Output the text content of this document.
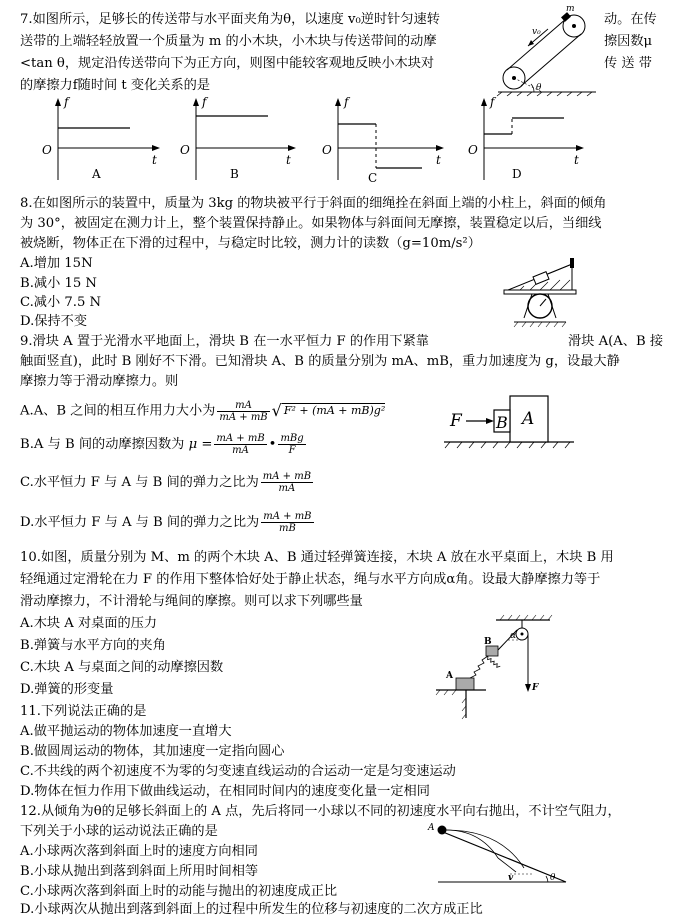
7.如图所示，足够长的传送带与水平面夹角为θ，以速度 v₀逆时针匀速转	动。在传
送带的上端轻轻放置一个质量为 m 的小木块，小木块与传送带间的动摩	擦因数μ
<tan θ，规定沿传送带向下为正方向，则图中能较客观地反映小木块对	传 送 带
的摩擦力f随时间 t 变化关系的是
m
v₀
θ
f
O
t
A
f
O
t
B
f
O
t
C
f
O
t
D
8.在如图所示的装置中，质量为 3kg 的物块被平行于斜面的细绳拴在斜面上端的小柱上，斜面的倾角
为 30°，被固定在测力计上，整个装置保持静止。如果物体与斜面间无摩擦，装置稳定以后，当细线
被烧断，物体正在下滑的过程中，与稳定时比较，测力计的读数（g=10m/s²）
A.增加 15N
B.减小 15 N
C.减小 7.5 N
D.保持不变
9.滑块 A 置于光滑水平地面上，滑块 B 在一水平恒力 F 的作用下紧靠	滑块 A(A、B 接
触面竖直)，此时 B 刚好不下滑。已知滑块 A、B 的质量分别为 mA、mB，重力加速度为 g，设最大静
摩擦力等于滑动摩擦力。则
A.A、B 之间的相互作用力大小为 $\frac{mA}{mA + mB}$ √ F² + (mA + mB)g²
B.A 与 B 间的动摩擦因数为 $\mu = \frac{mA + mB}{mA}$ • $\frac{\text{mBg}}{F}$
C.水平恒力 F 与 A 与 B 间的弹力之比为 $\frac{mA + mB}{mA}$
D.水平恒力 F 与 A 与 B 间的弹力之比为 $\frac{mA + mB}{mB}$
F B A
10.如图，质量分别为 M、m 的两个木块 A、B 通过轻弹簧连接，木块 A 放在水平桌面上，木块 B 用
轻绳通过定滑轮在力 F 的作用下整体恰好处于静止状态，绳与水平方向成α角。设最大静摩擦力等于
滑动摩擦力，不计滑轮与绳间的摩擦。则可以求下列哪些量
A.木块 A 对桌面的压力
B.弹簧与水平方向的夹角
C.木块 A 与桌面之间的动摩擦因数
D.弹簧的形变量
A
B
α
F
11.下列说法正确的是
A.做平抛运动的物体加速度一直增大
B.做圆周运动的物体，其加速度一定指向圆心
C.不共线的两个初速度不为零的匀变速直线运动的合运动一定是匀变速运动
D.物体在恒力作用下做曲线运动，在相同时间内的速度变化量一定相同
12.从倾角为θ的足够长斜面上的 A 点，先后将同一小球以不同的初速度水平向右抛出，不计空气阻力，
下列关于小球的运动说法正确的是
A.小球两次落到斜面上时的速度方向相同
B.小球从抛出到落到斜面上所用时间相等
C.小球两次落到斜面上时的动能与抛出的初速度成正比
D.小球两次从抛出到落到斜面上的过程中所发生的位移与初速度的二次方成正比
A
v	θ
